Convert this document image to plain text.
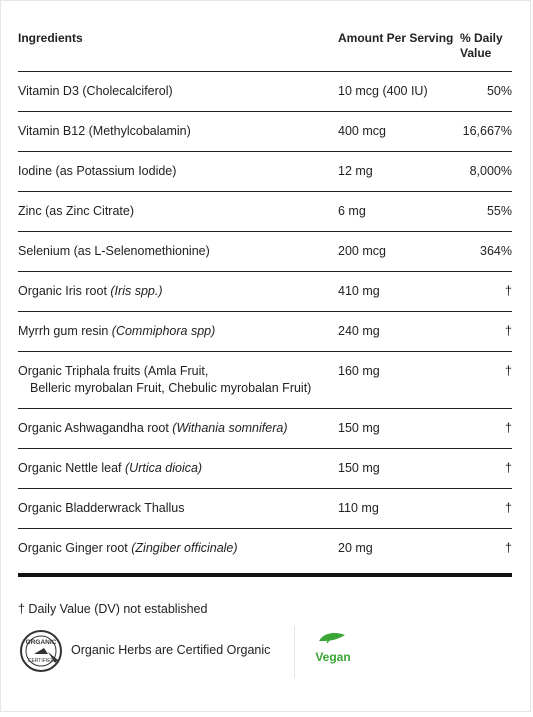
Ingredients	Amount Per Serving	% Daily
Value
Vitamin D3 (Cholecalciferol)	10 mcg (400 IU)	50%
Vitamin B12 (Methylcobalamin)	400 mcg	16,667%
Iodine (as Potassium Iodide)	12 mg	8,000%
Zinc (as Zinc Citrate)	6 mg	55%
Selenium (as L-Selenomethionine)	200 mcg	364%
Organic Iris root (Iris spp.)	410 mg	†
Myrrh gum resin (Commiphora spp)	240 mg	†
Organic Triphala fruits (Amla Fruit,
Belleric myrobalan Fruit, Chebulic myrobalan Fruit)	160 mg	†
Organic Ashwagandha root (Withania somnifera)	150 mg	†
Organic Nettle leaf (Urtica dioica)	150 mg	†
Organic Bladderwrack Thallus	110 mg	†
Organic Ginger root (Zingiber officinale)	20 mg	†
† Daily Value (DV) not established
ORGANIC
CERTIFIED
Organic Herbs are Certified Organic	Vegan
